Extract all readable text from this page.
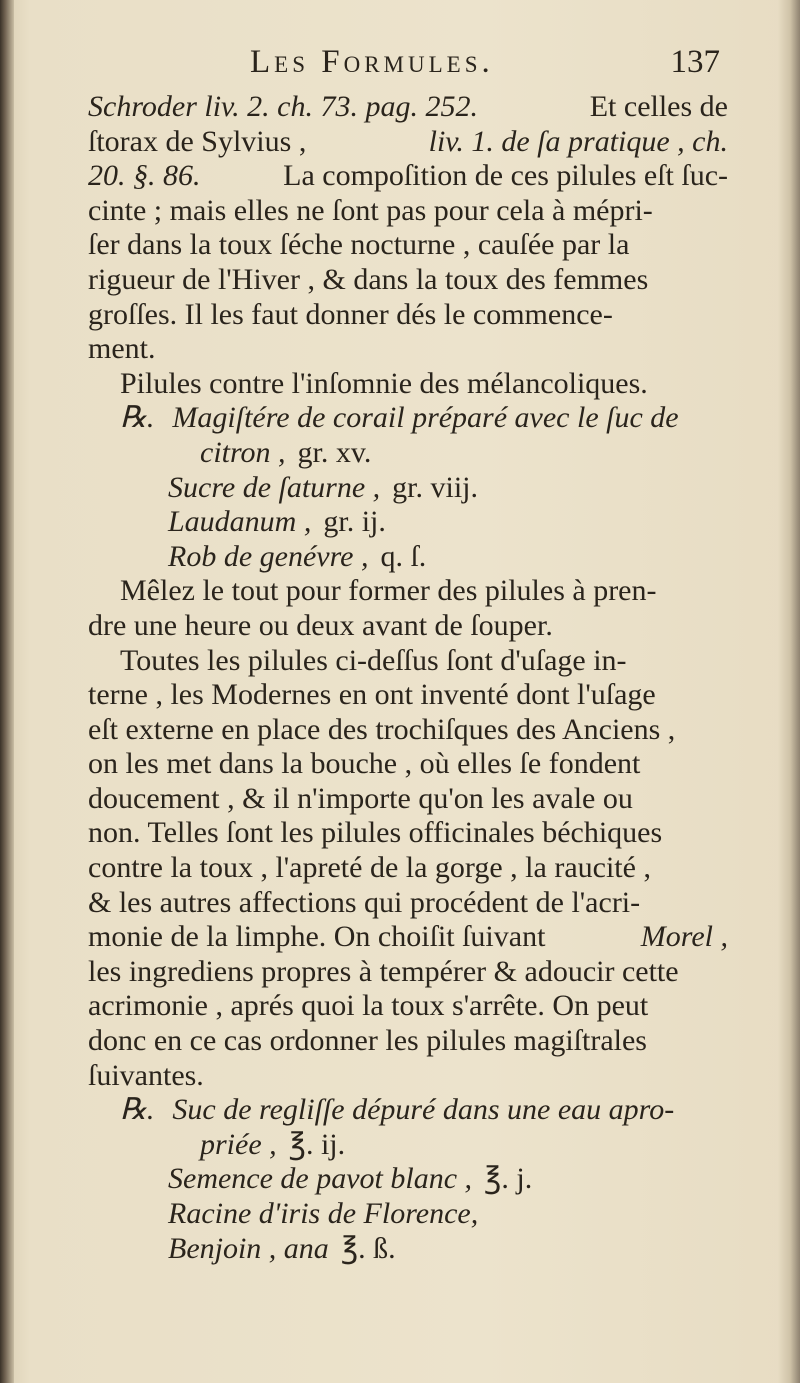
Les Formules.	137
Schroder liv. 2. ch. 73. pag. 252.	Et celles de
ſtorax de Sylvius ,	liv. 1. de ſa pratique , ch.
20. §. 86.	La compoſition de ces pilules eſt ſuc-
cinte ; mais elles ne ſont pas pour cela à mépri-
ſer dans la toux ſéche nocturne , cauſée par la
rigueur de l'Hiver , & dans la toux des femmes
groſſes. Il les faut donner dés le commence-
ment.
Pilules contre l'inſomnie des mélancoliques.
℞. Magiſtére de corail préparé avec le ſuc de
citron , gr. xv.
Sucre de ſaturne , gr. viij.
Laudanum , gr. ij.
Rob de genévre , q. ſ.
Mêlez le tout pour former des pilules à pren-
dre une heure ou deux avant de ſouper.
Toutes les pilules ci-deſſus ſont d'uſage in-
terne , les Modernes en ont inventé dont l'uſage
eſt externe en place des trochiſques des Anciens ,
on les met dans la bouche , où elles ſe fondent
doucement , & il n'importe qu'on les avale ou
non. Telles ſont les pilules officinales béchiques
contre la toux , l'apreté de la gorge , la raucité ,
& les autres affections qui procédent de l'acri-
monie de la limphe. On choiſit ſuivant	Morel ,
les ingrediens propres à tempérer & adoucir cette
acrimonie , aprés quoi la toux s'arrête. On peut
donc en ce cas ordonner les pilules magiſtrales
ſuivantes.
℞. Suc de regliſſe dépuré dans une eau apro-
priée , ℥. ij.
Semence de pavot blanc , ℥. j.
Racine d'iris de Florence,
Benjoin , ana ℥. ß.
